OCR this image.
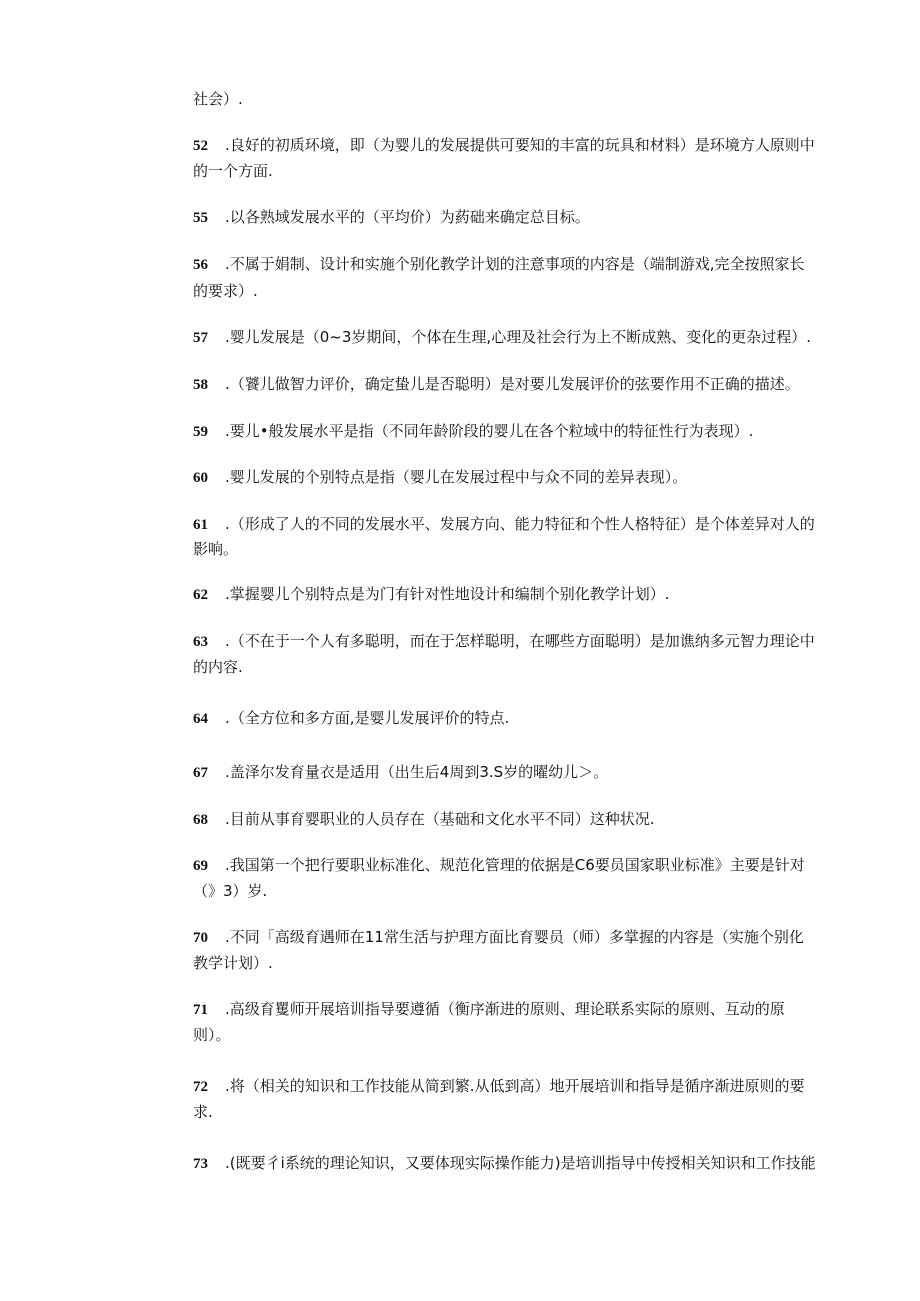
社会）.
52 .良好的初质环境，即（为婴儿的发展提供可要知的丰富的玩具和材料）是环境方人原则中
的一个方面.
55 .以各熟域发展水平的（平均价）为葯础来确定总目标。
56 .不属于娟制、设计和实施个别化教学计划的注意事项的内容是（端制游戏,完全按照家长
的要求）.
57 .婴儿发展是（0~3岁期间，个体在生理,心理及社会行为上不断成熟、变化的更杂过程）.
58 .（饕儿做智力评价，确定蛰儿是否聪明）是对要儿发展评价的弦要作用不正确的描述。
59 .要儿•般发展水平是指（不同年龄阶段的婴儿在各个粒域中的特征性行为表现）.
60 .婴儿发展的个别特点是指（婴儿在发展过程中与众不同的差异表现）。
61 .（形成了人的不同的发展水平、发展方向、能力特征和个性人格特征）是个体差异对人的
影响。
62 .掌握婴儿个别特点是为门有针对性地设计和编制个别化教学计划）.
63 .（不在于一个人有多聪明，而在于怎样聪明，在哪些方面聪明）是加谯纳多元智力理论中
的内容.
64 .（全方位和多方面,是婴儿发展评价的特点.
67 .盖泽尔发育量衣是适用（出生后4周到3.S岁的曜幼儿＞。
68 .目前从事育婴职业的人员存在（基础和文化水平不同）这种状况.
69 .我国第一个把行要职业标准化、规范化管理的依据是C6要员国家职业标准》主要是针对
（》3）岁.
70 .不同「高级育遇师在11常生活与护理方面比育婴员（师）多掌握的内容是（实施个别化
教学计划）.
71 .高级育矍师开展培训指导要遵循（衡序渐进的原则、理论联系实际的原则、互动的原
则）。
72 .将（相关的知识和工作技能从简到繁.从低到高）地开展培训和指导是循序渐进原则的要
求.
73 .(既要彳i系统的理论知识，又要体现实际操作能力)是培训指导中传授相关知识和工作技能
